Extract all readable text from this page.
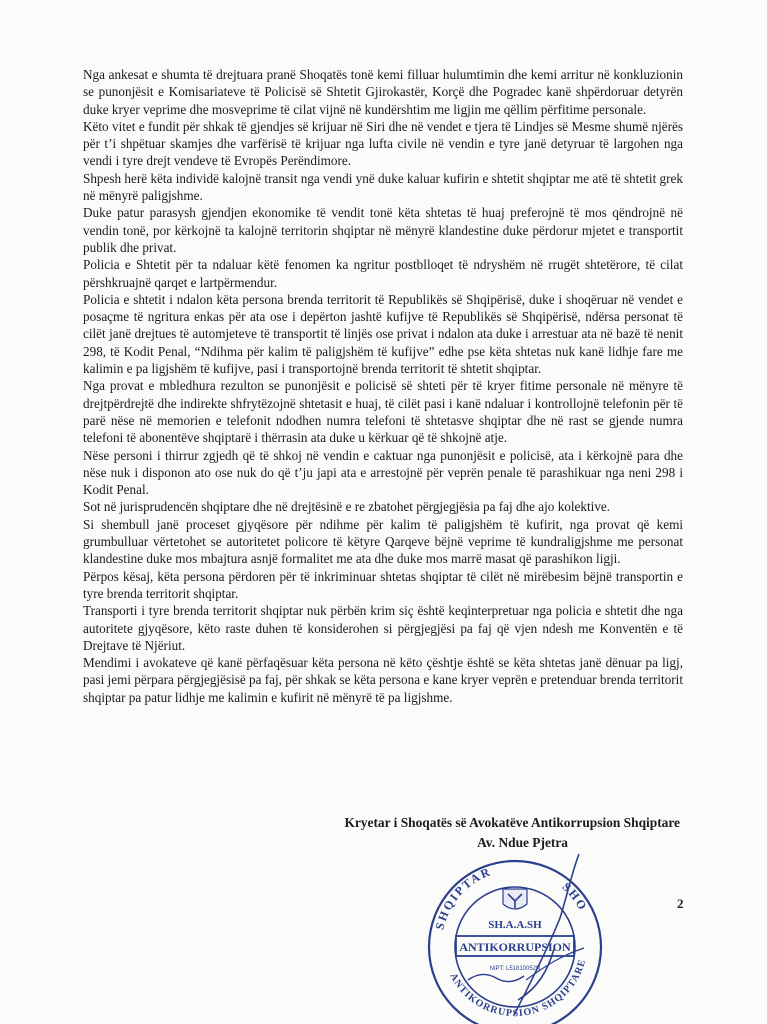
Nga ankesat e shumta të drejtuara pranë Shoqatës tonë kemi filluar hulumtimin dhe kemi arritur në konkluzionin se punonjësit e Komisariateve të Policisë së Shtetit Gjirokastër, Korçë dhe Pogradec kanë shpërdoruar detyrën duke kryer veprime dhe mosveprime të cilat vijnë në kundërshtim me ligjin me qëllim përfitime personale.

Këto vitet e fundit për shkak të gjendjes së krijuar në Siri dhe në vendet e tjera të Lindjes së Mesme shumë njërës për t’i shpëtuar skamjes dhe varfërisë të krijuar nga lufta civile në vendin e tyre janë detyruar të largohen nga vendi i tyre drejt vendeve të Evropës Perëndimore.

Shpesh herë këta individë kalojnë transit nga vendi ynë duke kaluar kufirin e shtetit shqiptar me atë të shtetit grek në mënyrë paligjshme.

Duke patur parasysh gjendjen ekonomike të vendit tonë këta shtetas të huaj preferojnë të mos qëndrojnë në vendin tonë, por kërkojnë ta kalojnë territorin shqiptar në mënyrë klandestine duke përdorur mjetet e transportit publik dhe privat.

Policia e Shtetit për ta ndaluar këtë fenomen ka ngritur postbllоqet të ndryshëm në rrugët shtetërore, të cilat përshkruajnë qarqet e lartpërmendur.

Policia e shtetit i ndalon këta persona brenda territorit të Republikës së Shqipërisë, duke i shoqëruar në vendet e posaçme të ngritura enkas për ata ose i depërton jashtë kufijve të Republikës së Shqipërisë, ndërsa personat të cilët janë drejtues të automjeteve të transportit të linjës ose privat i ndalon ata duke i arrestuar ata në bazë të nenit 298, të Kodit Penal, “Ndihma për kalim të paligjshëm të kufijve” edhe pse këta shtetas nuk kanë lidhje fare me kalimin e pa ligjshëm të kufijve, pasi i transportojnë brenda territorit të shtetit shqiptar.

Nga provat e mbledhura rezulton se punonjësit e policisë së shteti për të kryer fitime personale në mënyre të drejtpërdrejtë dhe indirekte shfrytëzojnë shtetasit e huaj, të cilët pasi i kanë ndaluar i kontrollojnë telefonin për të parë nëse në memorien e telefonit ndodhen numra telefoni të shtetasve shqiptar dhe në rast se gjende numra telefoni të abonentëve shqiptarë i thërrasin ata duke u kërkuar që të shkojnë atje.

Nëse personi i thirrur zgjedh që të shkoj në vendin e caktuar nga punonjësit e policisë, ata i kërkojnë para dhe nëse nuk i disponon ato ose nuk do që t’ju japi ata e arrestojnë për veprën penale të parashikuar nga neni 298 i Kodit Penal.

Sot në jurisprudencën shqiptare dhe në drejtësinë e re zbatohet përgjegjësia pa faj dhe ajo kolektive.

Si shembull janë proceset gjyqësore për ndihme për kalim të paligjshëm të kufirit, nga provat që kemi grumbulluar vërtetohet se autoritetet policore të këtyre Qarqeve bëjnë veprime të kundraligjshme me personat klandestine duke mos mbajtura asnjë formalitet me ata dhe duke mos marrë masat që parashikon ligji.

Përpos kësaj, këta persona përdoren për të inkriminuar shtetas shqiptar të cilët në mirëbesim bëjnë transportin e tyre brenda territorit shqiptar.

Transporti i tyre brenda territorit shqiptar nuk përbën krim siç është keqinterpretuar nga policia e shtetit dhe nga autoritete gjyqësore, këto raste duhen të konsiderohen si përgjegjësi pa faj që vjen ndesh me Konventën e të Drejtave të Njëriut.

Mendimi i avokateve që kanë përfaqësuar këta persona në këto çështje është se këta shtetas janë dënuar pa ligj, pasi jemi përpara përgjegjësisë pa faj, për shkak se këta persona e kane kryer veprën e pretenduar brenda territorit shqiptar pa patur lidhje me kalimin e kufirit në mënyrë të pa ligjshme.

Kryetar i Shoqatës së Avokatëve Antikorrupsion Shqiptare
Av. Ndue Pjetra
2
SHQIPTAR
SHO
ANTIKORRUPSION SHQIPTARE
SH.A.A.SH
ANTIKORRUPSION
NIPT: L51810052N
